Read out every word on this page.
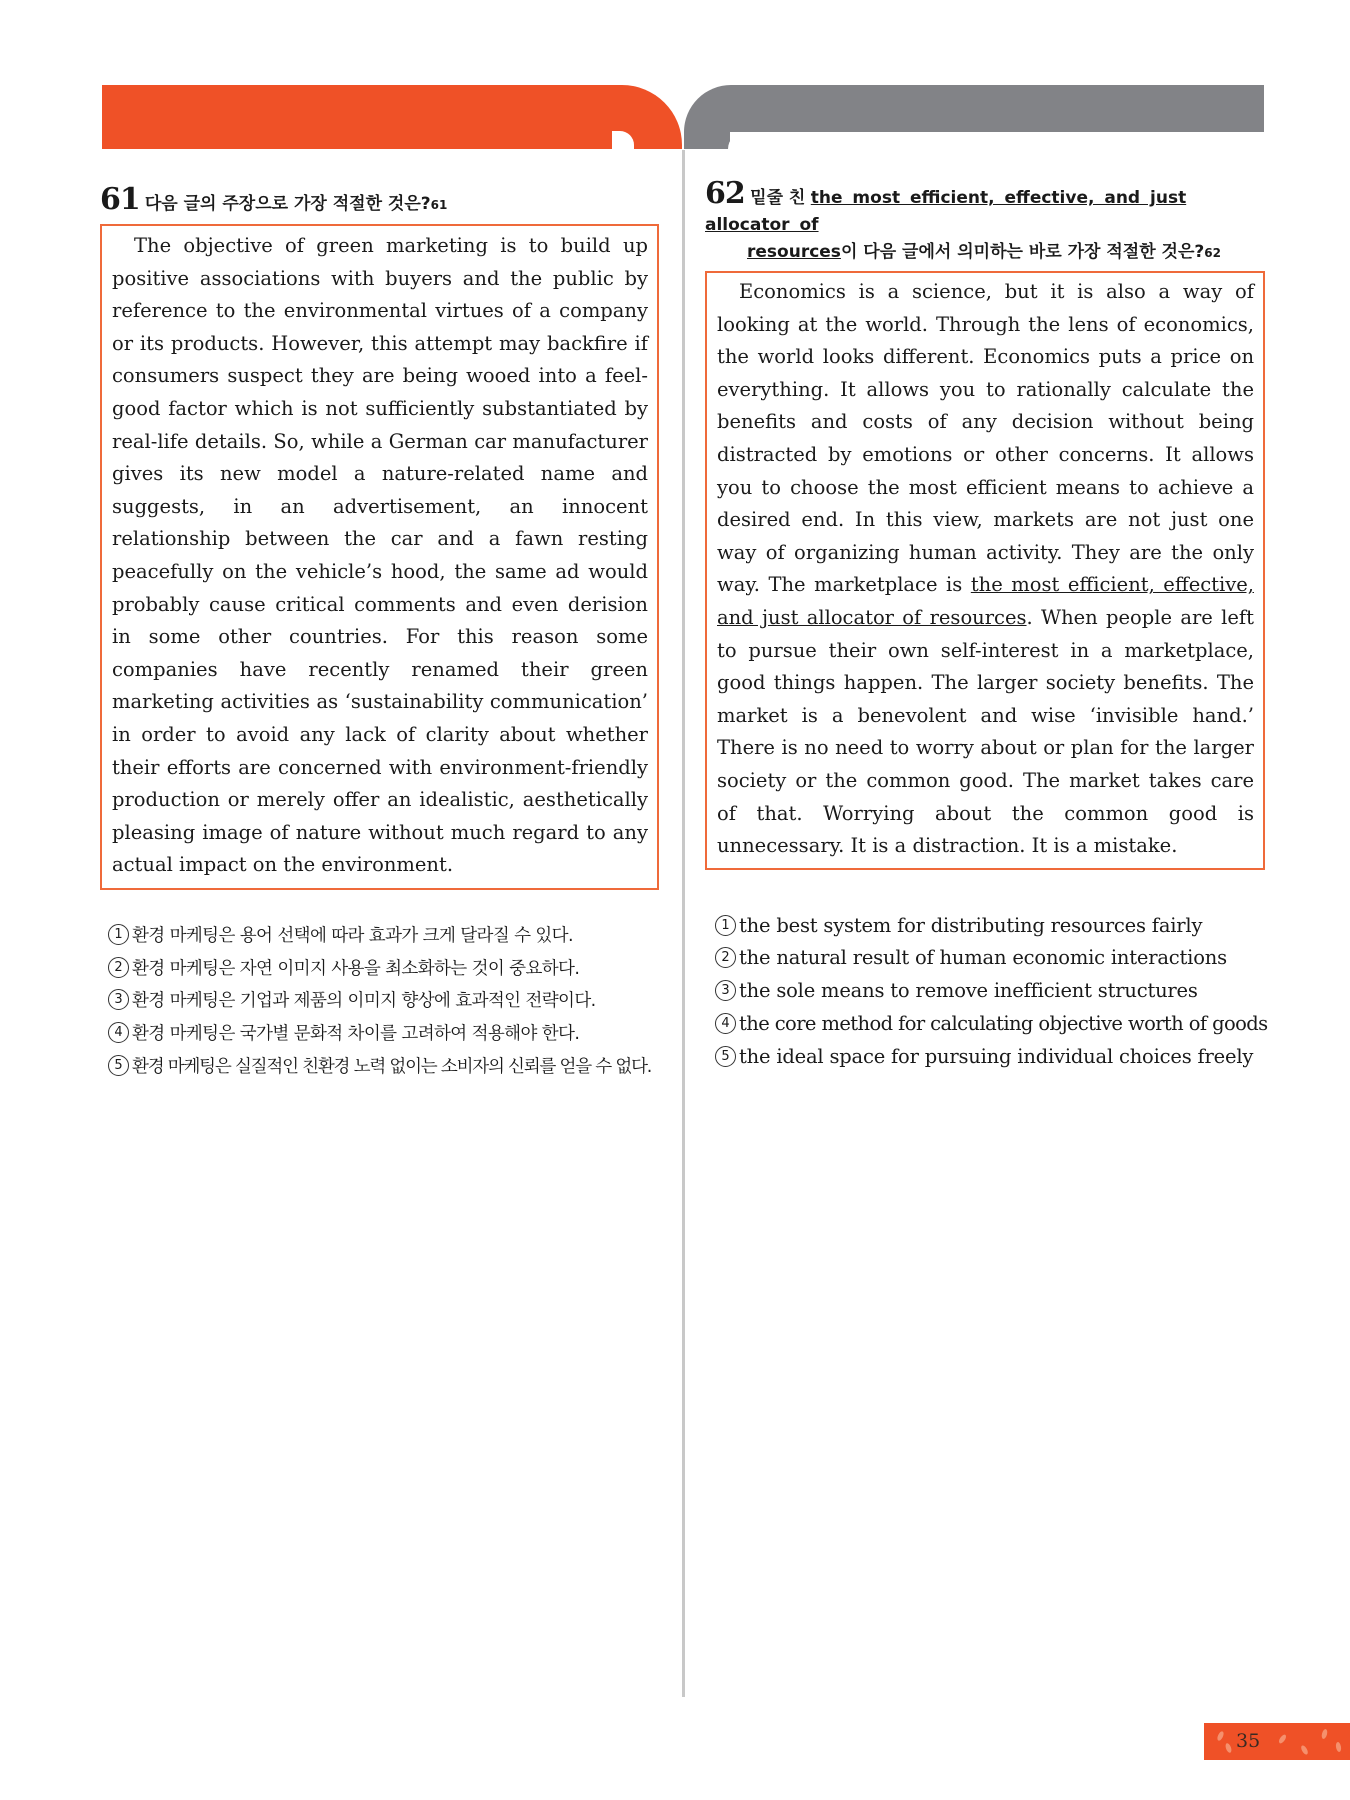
61 다음 글의 주장으로 가장 적절한 것은?61

The objective of green marketing is to build up positive associations with buyers and the public by reference to the environmental virtues of a company or its products. However, this attempt may backfire if consumers suspect they are being wooed into a feel-good factor which is not sufficiently substantiated by real-life details. So, while a German car manufacturer gives its new model a nature-related name and suggests, in an advertisement, an innocent relationship between the car and a fawn resting peacefully on the vehicle’s hood, the same ad would probably cause critical comments and even derision in some other countries. For this reason some companies have recently renamed their green marketing activities as ‘sustainability communication’ in order to avoid any lack of clarity about whether their efforts are concerned with environment-friendly production or merely offer an idealistic, aesthetically pleasing image of nature without much regard to any actual impact on the environment.

1 환경 마케팅은 용어 선택에 따라 효과가 크게 달라질 수 있다.
2 환경 마케팅은 자연 이미지 사용을 최소화하는 것이 중요하다.
3 환경 마케팅은 기업과 제품의 이미지 향상에 효과적인 전략이다.
4 환경 마케팅은 국가별 문화적 차이를 고려하여 적용해야 한다.
5 환경 마케팅은 실질적인 친환경 노력 없이는 소비자의 신뢰를 얻을 수 없다.
62 밑줄 친 the most efficient, effective, and just allocator of
resources이 다음 글에서 의미하는 바로 가장 적절한 것은?62

Economics is a science, but it is also a way of looking at the world. Through the lens of economics, the world looks different. Economics puts a price on everything. It allows you to rationally calculate the benefits and costs of any decision without being distracted by emotions or other concerns. It allows you to choose the most efficient means to achieve a desired end. In this view, markets are not just one way of organizing human activity. They are the only way. The marketplace is the most efficient, effective, and just allocator of resources. When people are left to pursue their own self-interest in a marketplace, good things happen. The larger society benefits. The market is a benevolent and wise ‘invisible hand.’ There is no need to worry about or plan for the larger society or the common good. The market takes care of that. Worrying about the common good is unnecessary. It is a distraction. It is a mistake.

1 the best system for distributing resources fairly
2 the natural result of human economic interactions
3 the sole means to remove inefficient structures
4 the core method for calculating objective worth of goods
5 the ideal space for pursuing individual choices freely
35
